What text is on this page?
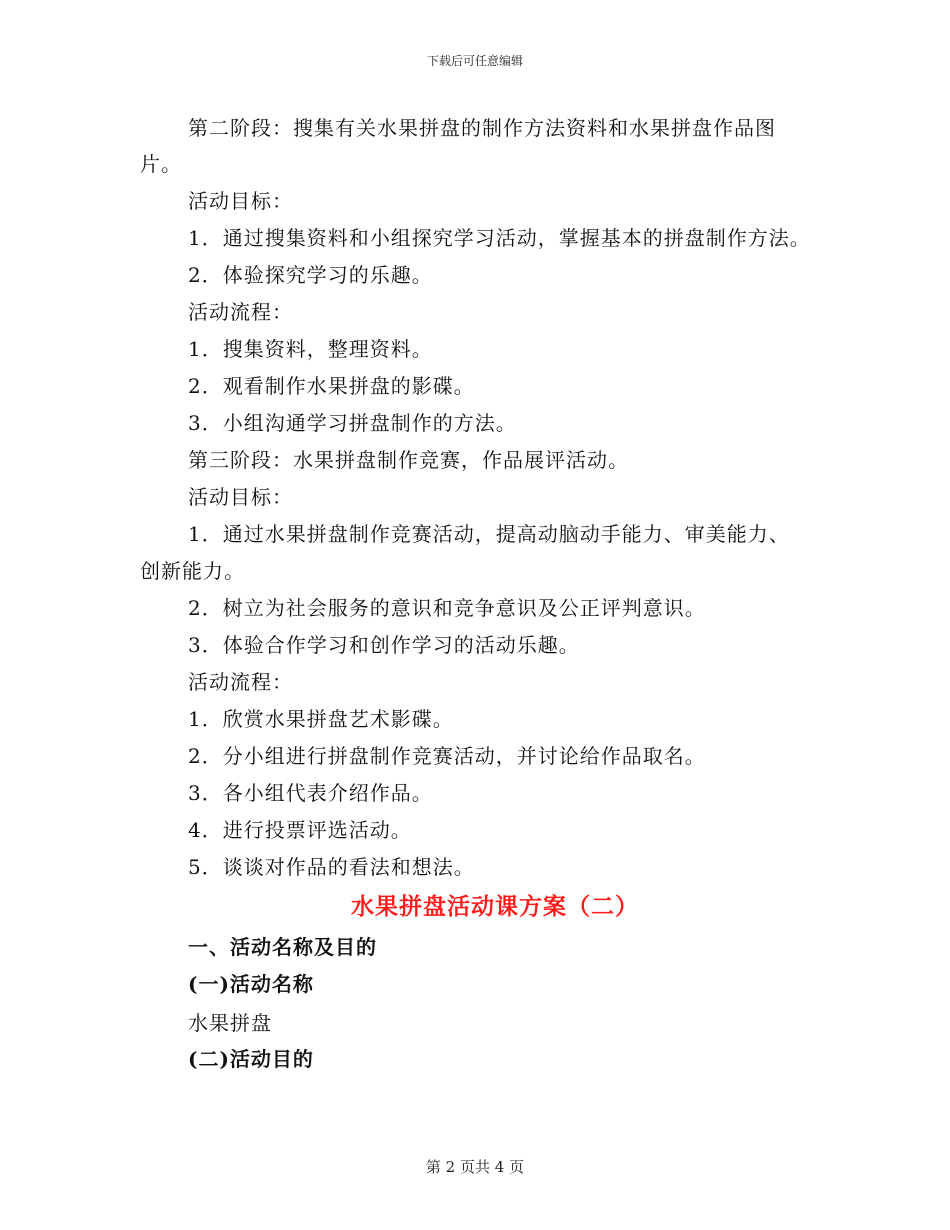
下载后可任意编辑
第二阶段：搜集有关水果拼盘的制作方法资料和水果拼盘作品图
片。
活动目标：
1．通过搜集资料和小组探究学习活动，掌握基本的拼盘制作方法。
2．体验探究学习的乐趣。
活动流程：
1．搜集资料，整理资料。
2．观看制作水果拼盘的影碟。
3．小组沟通学习拼盘制作的方法。
第三阶段：水果拼盘制作竞赛，作品展评活动。
活动目标：
1．通过水果拼盘制作竞赛活动，提高动脑动手能力、审美能力、
创新能力。
2．树立为社会服务的意识和竞争意识及公正评判意识。
3．体验合作学习和创作学习的活动乐趣。
活动流程：
1．欣赏水果拼盘艺术影碟。
2．分小组进行拼盘制作竞赛活动，并讨论给作品取名。
3．各小组代表介绍作品。
4．进行投票评选活动。
5．谈谈对作品的看法和想法。
水果拼盘活动课方案（二）
一、活动名称及目的
(一)活动名称
水果拼盘
(二)活动目的
第 2 页共 4 页
